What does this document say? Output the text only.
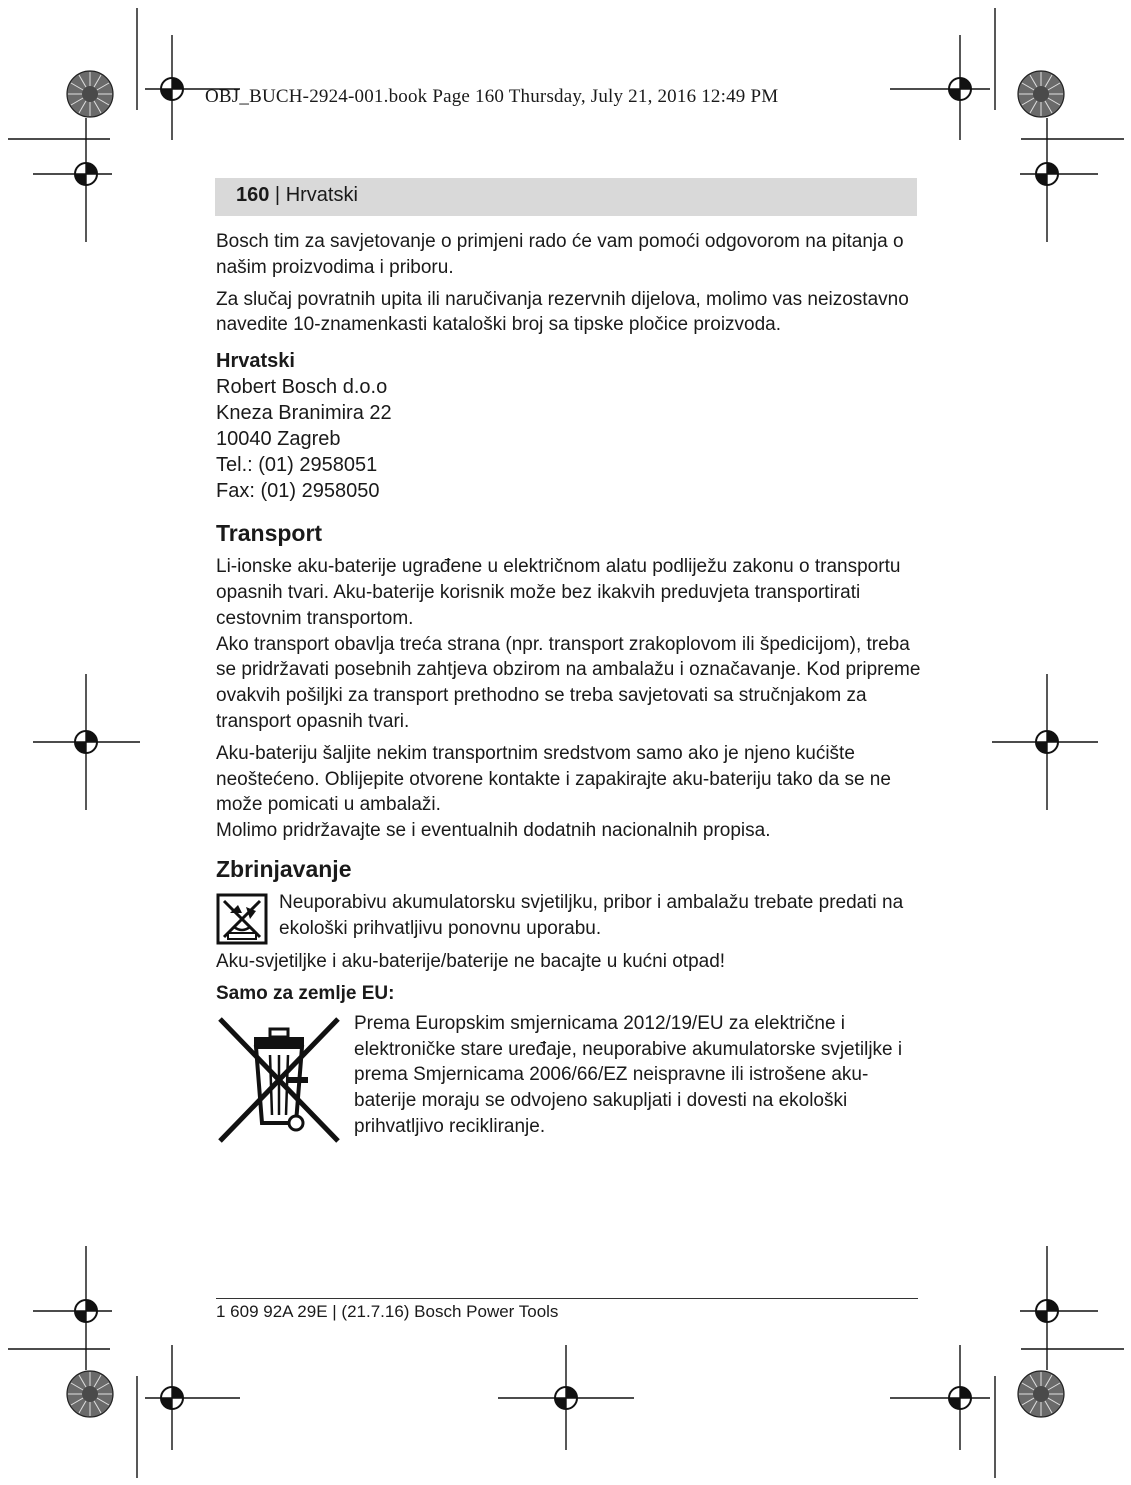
OBJ_BUCH-2924-001.book Page 160 Thursday, July 21, 2016 12:49 PM
160 | Hrvatski

Bosch tim za savjetovanje o primjeni rado će vam pomoći odgovorom na pitanja o našim proizvodima i priboru.

Za slučaj povratnih upita ili naručivanja rezervnih dijelova, molimo vas neizostavno navedite 10-znamenkasti kataloški broj sa tipske pločice proizvoda.

Hrvatski
Robert Bosch d.o.o
Kneza Branimira 22
10040 Zagreb
Tel.: (01) 2958051
Fax: (01) 2958050
Transport

Li-ionske aku-baterije ugrađene u električnom alatu podliježu zakonu o transportu opasnih tvari. Aku-baterije korisnik može bez ikakvih preduvjeta transportirati cestovnim transportom.

Ako transport obavlja treća strana (npr. transport zrakoplovom ili špedicijom), treba se pridržavati posebnih zahtjeva obzirom na ambalažu i označavanje. Kod pripreme ovakvih pošiljki za transport prethodno se treba savjetovati sa stručnjakom za transport opasnih tvari.

Aku-bateriju šaljite nekim transportnim sredstvom samo ako je njeno kućište neoštećeno. Oblijepite otvorene kontakte i zapakirajte aku-bateriju tako da se ne može pomicati u ambalaži.

Molimo pridržavajte se i eventualnih dodatnih nacionalnih propisa.

Zbrinjavanje
Neuporabivu akumulatorsku svjetiljku, pribor i ambalažu trebate predati na ekološki prihvatljivu ponovnu uporabu.

Aku-svjetiljke i aku-baterije/baterije ne bacajte u kućni otpad!

Samo za zemlje EU:
Prema Europskim smjernicama 2012/19/EU za električne i elektroničke stare uređaje, neuporabive akumulatorske svjetiljke i prema Smjernicama 2006/66/EZ neispravne ili istrošene aku-baterije moraju se odvojeno sakupljati i dovesti na ekološki prihvatljivo recikliranje.
1 609 92A 29E | (21.7.16) Bosch Power Tools
